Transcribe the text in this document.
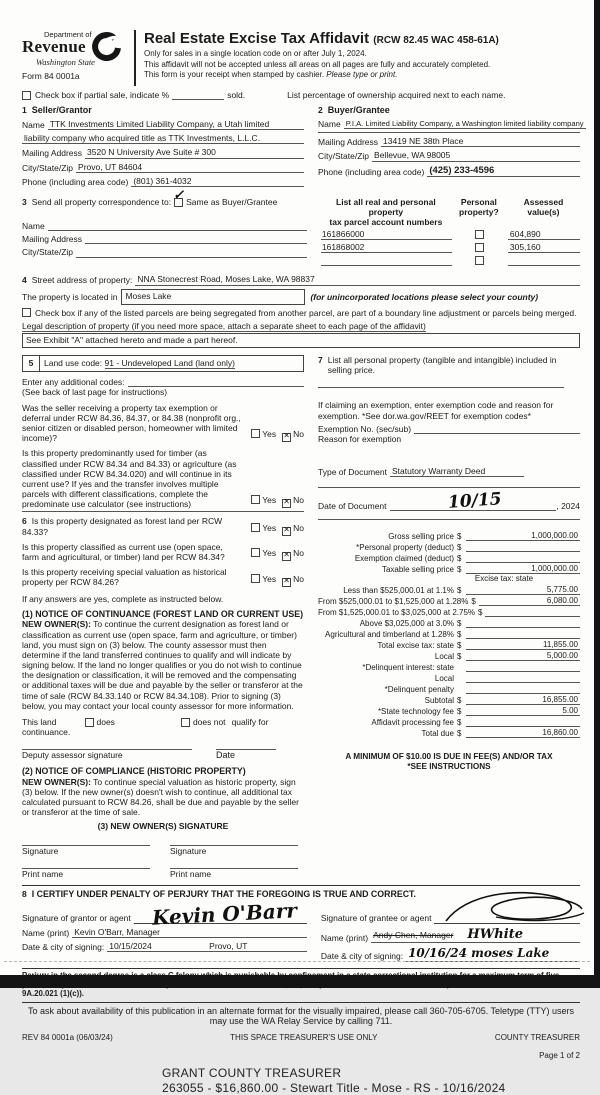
Department of
Revenue
Washington State
Form 84 0001a
Real Estate Excise Tax Affidavit (RCW 82.45 WAC 458-61A)
Only for sales in a single location code on or after July 1, 2024.
This affidavit will not be accepted unless all areas on all pages are fully and accurately completed.
This form is your receipt when stamped by cashier. Please type or print.
Check box if partial sale, indicate %	sold.	List percentage of ownership acquired next to each name.
1 Seller/Grantor
Name TTK Investments Limited Liability Company, a Utah limited
liability company who acquired title as TTK Investments, L.L.C.
Mailing Address 3520 N University Ave Suite # 300
City/State/Zip Provo, UT 84604
Phone (including area code) (801) 361-4032
2 Buyer/Grantee
Name P.I.A. Limited Liability Company, a Washington limited liability company
Mailing Address 13419 NE 38th Place
City/State/Zip Bellevue, WA 98005
Phone (including area code) (425) 233-4596
3 Send all property correspondence to: ✓ Same as Buyer/Grantee
Name
Mailing Address
City/State/Zip
List all real and personal property
tax parcel account numbers
Personal
property?
Assessed
value(s)
161866000	604,890
161868002	305,160
4 Street address of property: NNA Stonecrest Road, Moses Lake, WA 98837
The property is located in Moses Lake	(for unincorporated locations please select your county)
Check box if any of the listed parcels are being segregated from another parcel, are part of a boundary line adjustment or parcels being merged.
Legal description of property (if you need more space, attach a separate sheet to each page of the affidavit)
See Exhibit "A" attached hereto and made a part hereof.
5	Land use code: 91 - Undeveloped Land (land only)
Enter any additional codes:
(See back of last page for instructions)
Was the seller receiving a property tax exemption or deferral under RCW 84.36, 84.37, or 84.38 (nonprofit org., senior citizen or disabled person, homeowner with limited income)?	Yes ✕ No
Is this property predominantly used for timber (as classified under RCW 84.34 and 84.33) or agriculture (as classified under RCW 84.34.020) and will continue in its current use? If yes and the transfer involves multiple parcels with different classifications, complete the predominate use calculator (see instructions)	Yes ✕ No
6 Is this property designated as forest land per RCW 84.33?	Yes ✕ No
Is this property classified as current use (open space, farm and agricultural, or timber) land per RCW 84.34?	Yes ✕ No
Is this property receiving special valuation as historical property per RCW 84.26?	Yes ✕ No
If any answers are yes, complete as instructed below.
(1) NOTICE OF CONTINUANCE (FOREST LAND OR CURRENT USE)
NEW OWNER(S): To continue the current designation as forest land or classification as current use (open space, farm and agriculture, or timber) land, you must sign on (3) below. The county assessor must then determine if the land transferred continues to qualify and will indicate by signing below. If the land no longer qualifies or you do not wish to continue the designation or classification, it will be removed and the compensating or additional taxes will be due and payable by the seller or transferor at the time of sale (RCW 84.33.140 or RCW 84.34.108). Prior to signing (3) below, you may contact your local county assessor for more information.
This land	does	does not qualify for
continuance.
Deputy assessor signature	Date
(2) NOTICE OF COMPLIANCE (HISTORIC PROPERTY)
NEW OWNER(S): To continue special valuation as historic property, sign (3) below. If the new owner(s) doesn't wish to continue, all additional tax calculated pursuant to RCW 84.26, shall be due and payable by the seller or transferor at the time of sale.
(3) NEW OWNER(S) SIGNATURE
Signature	Signature
Print name	Print name
7 List all personal property (tangible and intangible) included in selling price.
If claiming an exemption, enter exemption code and reason for exemption. *See dor.wa.gov/REET for exemption codes*
Exemption No. (sec/sub)
Reason for exemption
Type of Document Statutory Warranty Deed
Date of Document	10/15	, 2024
Gross selling price $	1,000,000.00
*Personal property (deduct) $
Exemption claimed (deduct) $
Taxable selling price $	1,000,000.00
Excise tax: state
Less than $525,000.01 at 1.1% $	5,775.00
From $525,000.01 to $1,525,000 at 1.28% $	6,080.00
From $1,525,000.01 to $3,025,000 at 2.75% $
Above $3,025,000 at 3.0% $
Agricultural and timberland at 1.28% $
Total excise tax: state $	11,855.00
Local $	5,000.00
*Delinquent interest: state
Local
*Delinquent penalty
Subtotal $	16,855.00
*State technology fee $	5.00
Affidavit processing fee $
Total due $	16,860.00
A MINIMUM OF $10.00 IS DUE IN FEE(S) AND/OR TAX
*SEE INSTRUCTIONS
8 I CERTIFY UNDER PENALTY OF PERJURY THAT THE FOREGOING IS TRUE AND CORRECT.
Signature of grantor or agent Kevin O'Barr
Name (print) Kevin O'Barr, Manager
Date & city of signing: 10/15/2024	Provo, UT
Signature of grantee or agent
Name (print) Andy Chen, Manager HWhite
Date & city of signing: 10/16/24 moses Lake
9A.20.021 (1)(c)).
To ask about availability of this publication in an alternate format for the visually impaired, please call 360-705-6705. Teletype (TTY) users may use the WA Relay Service by calling 711.
REV 84 0001a (06/03/24)	THIS SPACE TREASURER'S USE ONLY	COUNTY TREASURER
Page 1 of 2
GRANT COUNTY TREASURER
263055 - $16,860.00 - Stewart Title - Mose - RS - 10/16/2024
